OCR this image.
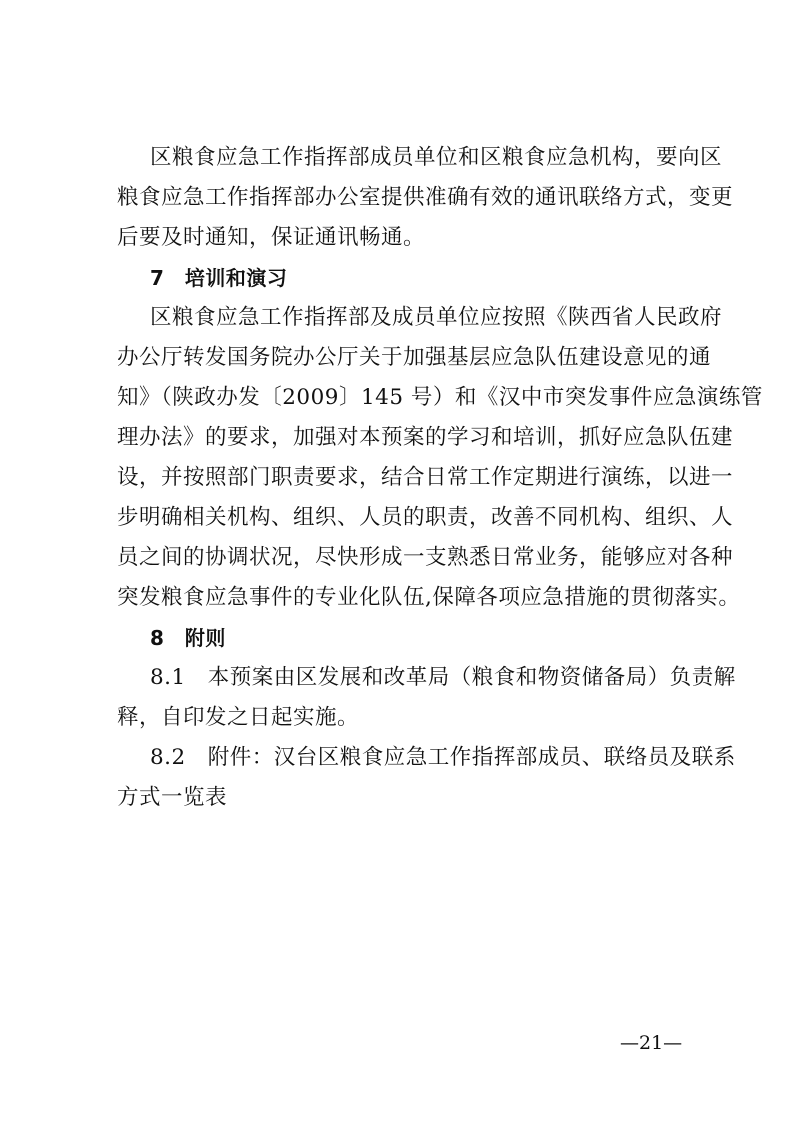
区粮食应急工作指挥部成员单位和区粮食应急机构，要向区
粮食应急工作指挥部办公室提供准确有效的通讯联络方式，变更
后要及时通知，保证通讯畅通。
7　培训和演习
区粮食应急工作指挥部及成员单位应按照《陕西省人民政府
办公厅转发国务院办公厅关于加强基层应急队伍建设意见的通
知》（陕政办发〔2009〕145 号）和《汉中市突发事件应急演练管
理办法》的要求，加强对本预案的学习和培训，抓好应急队伍建
设，并按照部门职责要求，结合日常工作定期进行演练，以进一
步明确相关机构、组织、人员的职责，改善不同机构、组织、人
员之间的协调状况，尽快形成一支熟悉日常业务，能够应对各种
突发粮食应急事件的专业化队伍,保障各项应急措施的贯彻落实。
8　附则
8.1　本预案由区发展和改革局（粮食和物资储备局）负责解
释，自印发之日起实施。
8.2　附件：汉台区粮食应急工作指挥部成员、联络员及联系
方式一览表
—21—
